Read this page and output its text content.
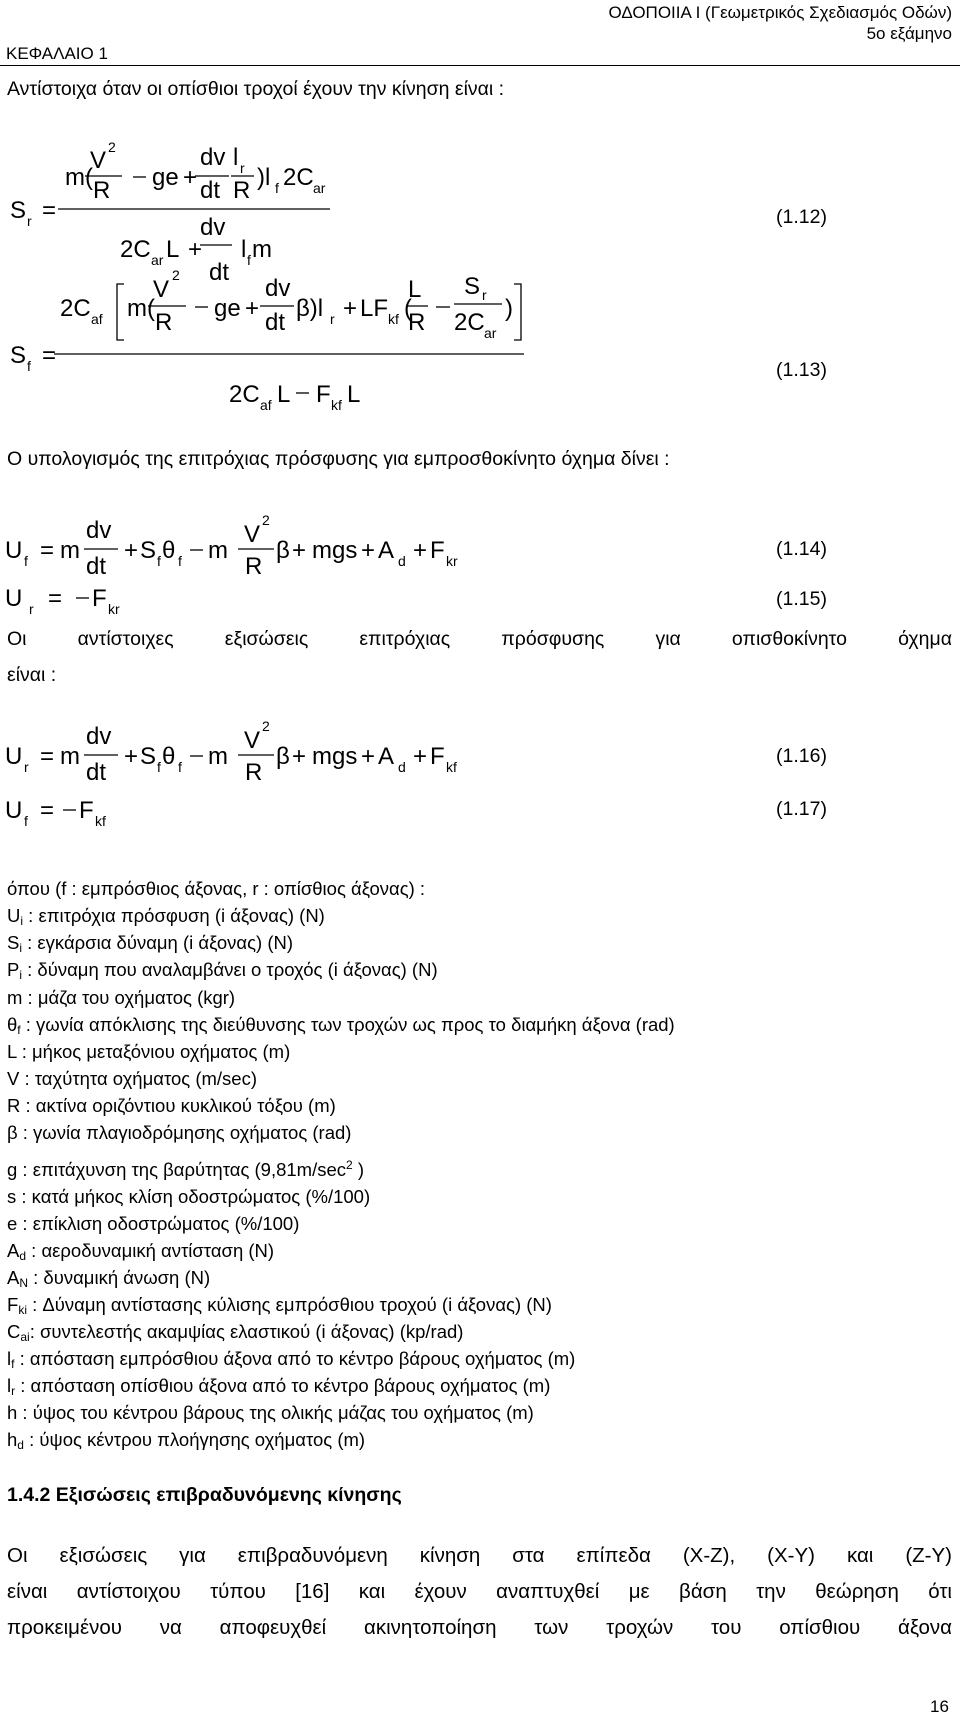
ΚΕΦΑΛΑΙΟ 1
ΟΔΟΠΟΙΙΑ Ι (Γεωμετρικός Σχεδιασμός Οδών)
5ο εξάμηνο
Αντίστοιχα όταν οι οπίσθιοι τροχοί έχουν την κίνηση είναι :
S r =
m(
V 2
R ge +
dv
dt
l r
R )l f 2C ar
dv
2C ar L +
dt
l f m
S f =
2C af m(
V
2
R
ge +
dv
dt
β)l r + LF kf (
L
R
S r
2C ar
)
2C af L F kf L
U f = m
dv
dt
+ S f θ f m
V
2
R
β + mgs + A d + F kr
U r = F kr
U r = m
dv
dt
+ S f θ f m
V
2
R
β + mgs + A d + F kf
U f = F kf
(1.12)
(1.13)
(1.14)
(1.15)
(1.16)
(1.17)
Ο υπολογισμός της επιτρόχιας πρόσφυσης για εμπροσθοκίνητο όχημα δίνει :
Οι αντίστοιχες εξισώσεις επιτρόχιας πρόσφυσης για οπισθοκίνητο όχημα
είναι :
όπου (f : εμπρόσθιος άξονας, r : οπίσθιος άξονας) :
$U_i$ : επιτρόχια πρόσφυση (i άξονας) (N)
$S_i$ : εγκάρσια δύναμη (i άξονας) (N)
$P_i$ : δύναμη που αναλαμβάνει ο τροχός (i άξονας) (N)
m : μάζα του οχήματος (kgr)
$\theta_f$ : γωνία απόκλισης της διεύθυνσης των τροχών ως προς το διαμήκη άξονα (rad)
L : μήκος μεταξόνιου οχήματος (m)
V : ταχύτητα οχήματος (m/sec)
R : ακτίνα οριζόντιου κυκλικού τόξου (m)
β : γωνία πλαγιοδρόμησης οχήματος (rad)
g : επιτάχυνση της βαρύτητας ($9,81m/\sec^2$ )
s : κατά μήκος κλίση οδοστρώματος (%/100)
e : επίκλιση οδοστρώματος (%/100)
$A_d$ : αεροδυναμική αντίσταση (N)
$A_N$ : δυναμική άνωση (N)
$F_{ki}$ : Δύναμη αντίστασης κύλισης εμπρόσθιου τροχού (i άξονας) (N)
$C_{ai}$: συντελεστής ακαμψίας ελαστικού (i άξονας) (kp/rad)
$l_f$ : απόσταση εμπρόσθιου άξονα από το κέντρο βάρους οχήματος (m)
$l_r$ : απόσταση οπίσθιου άξονα από το κέντρο βάρους οχήματος (m)
h : ύψος του κέντρου βάρους της ολικής μάζας του οχήματος (m)
$h_d$ : ύψος κέντρου πλοήγησης οχήματος (m)
1.4.2 Εξισώσεις επιβραδυνόμενης κίνησης
Οι εξισώσεις για επιβραδυνόμενη κίνηση στα επίπεδα (X-Z), (X-Y) και (Z-Y)
είναι αντίστοιχου τύπου [16] και έχουν αναπτυχθεί με βάση την θεώρηση ότι
προκειμένου να αποφευχθεί ακινητοποίηση των τροχών του οπίσθιου άξονα
16
